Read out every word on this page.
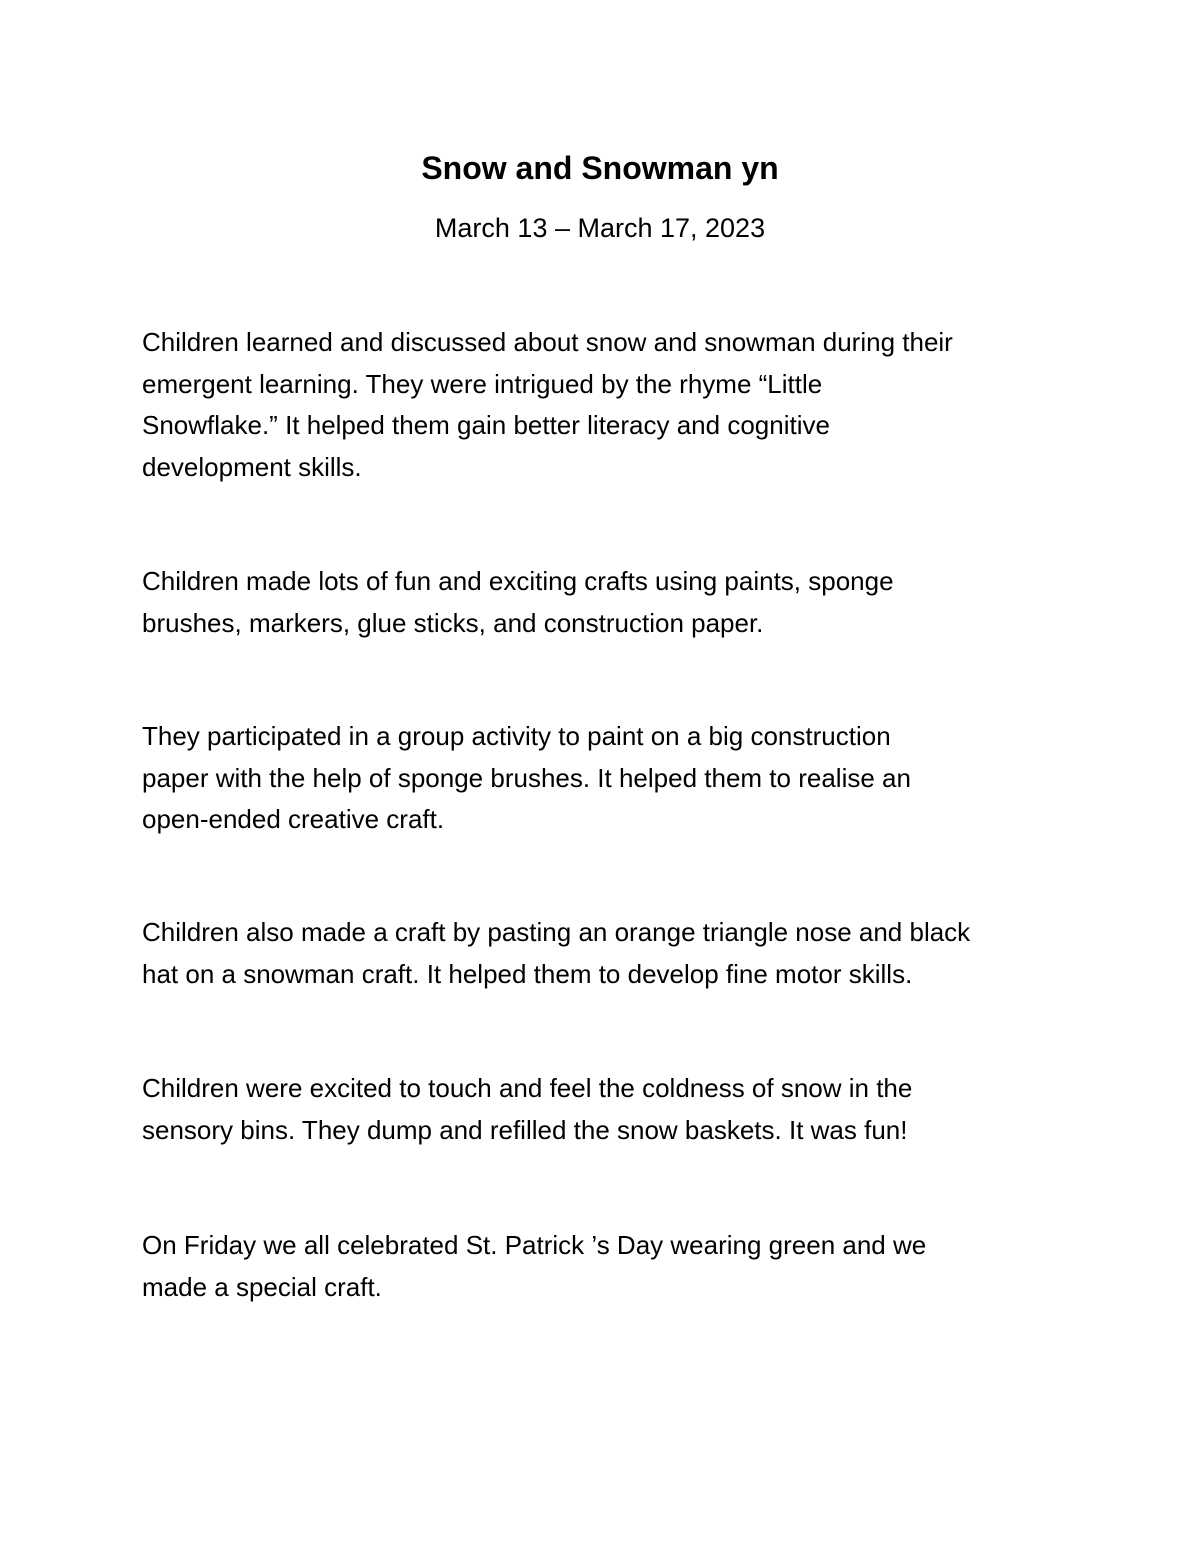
Snow and Snowman yn

March 13 – March 17, 2023

Children learned and discussed about snow and snowman during their
emergent learning. They were intrigued by the rhyme “Little
Snowflake.” It helped them gain better literacy and cognitive
development skills.

Children made lots of fun and exciting crafts using paints, sponge
brushes, markers, glue sticks, and construction paper.

They participated in a group activity to paint on a big construction
paper with the help of sponge brushes. It helped them to realise an
open-ended creative craft.

Children also made a craft by pasting an orange triangle nose and black
hat on a snowman craft. It helped them to develop fine motor skills.

Children were excited to touch and feel the coldness of snow in the
sensory bins. They dump and refilled the snow baskets. It was fun!

On Friday we all celebrated St. Patrick ’s Day wearing green and we
made a special craft.
